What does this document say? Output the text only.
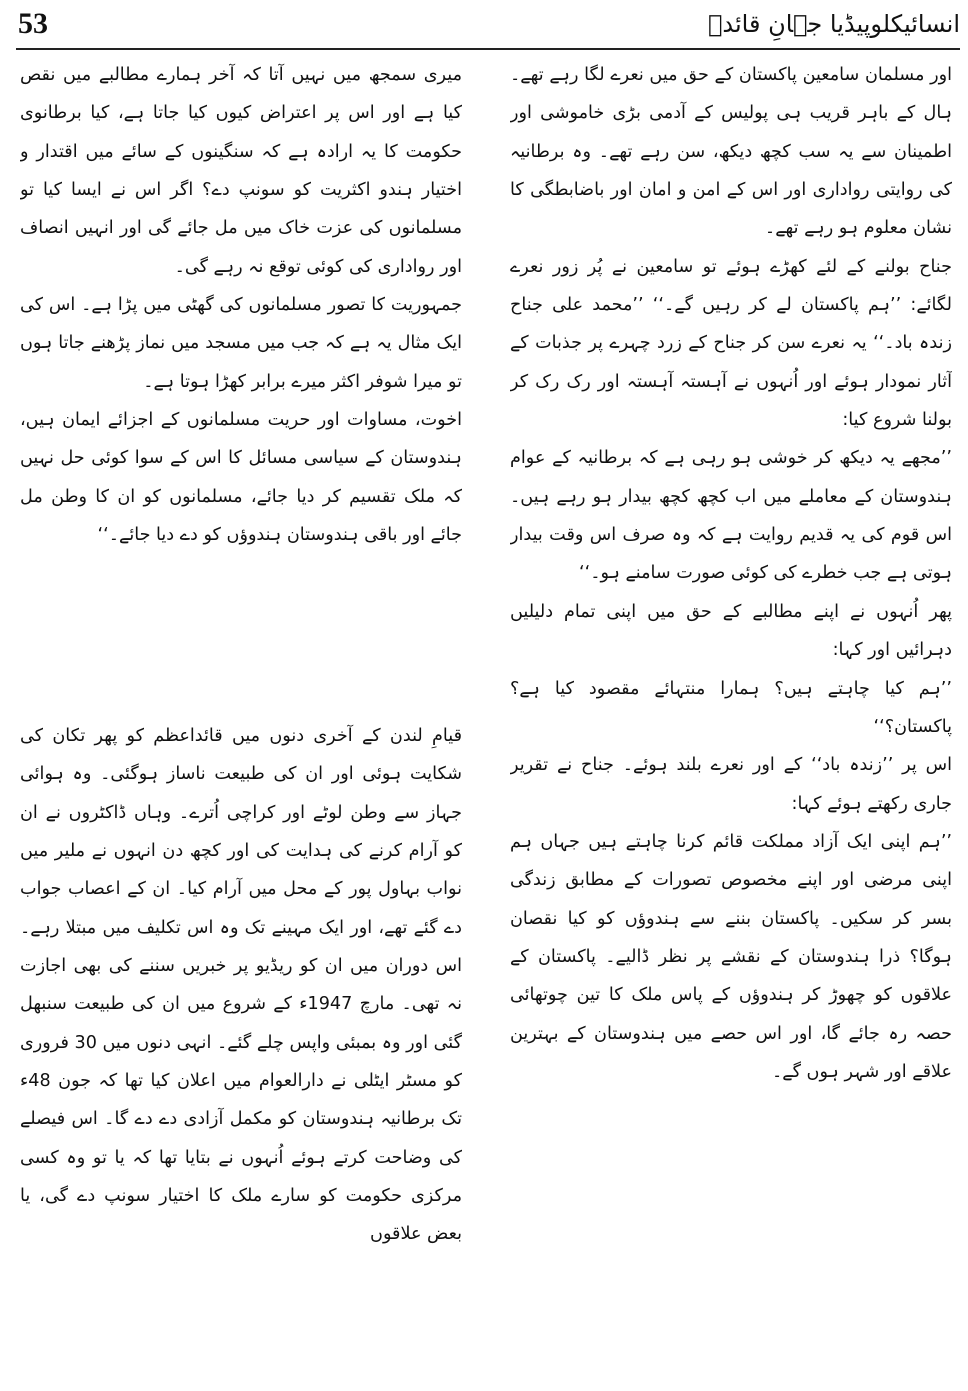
53	انسائیکلوپیڈیا جہانِ قائدؒ

اور مسلمان سامعین پاکستان کے حق میں نعرے لگا رہے تھے۔ ہال کے باہر قریب ہی پولیس کے آدمی بڑی خاموشی اور اطمینان سے یہ سب کچھ دیکھ، سن رہے تھے۔ وہ برطانیہ کی روایتی رواداری اور اس کے امن و امان اور باضابطگی کا نشان معلوم ہو رہے تھے۔

جناح بولنے کے لئے کھڑے ہوئے تو سامعین نے پُر زور نعرے لگائے: ’’ہم پاکستان لے کر رہیں گے۔‘‘ ’’محمد علی جناح زندہ باد۔‘‘ یہ نعرے سن کر جناح کے زرد چہرے پر جذبات کے آثار نمودار ہوئے اور اُنہوں نے آہستہ آہستہ اور رک رک کر بولنا شروع کیا:

’’مجھے یہ دیکھ کر خوشی ہو رہی ہے کہ برطانیہ کے عوام ہندوستان کے معاملے میں اب کچھ کچھ بیدار ہو رہے ہیں۔ اس قوم کی یہ قدیم روایت ہے کہ وہ صرف اس وقت بیدار ہوتی ہے جب خطرے کی کوئی صورت سامنے ہو۔‘‘

پھر اُنہوں نے اپنے مطالبے کے حق میں اپنی تمام دلیلیں دہرائیں اور کہا:

’’ہم کیا چاہتے ہیں؟ ہمارا منتہائے مقصود کیا ہے؟ پاکستان؟‘‘

اس پر ’’زندہ باد‘‘ کے اور نعرے بلند ہوئے۔ جناح نے تقریر جاری رکھتے ہوئے کہا:

’’ہم اپنی ایک آزاد مملکت قائم کرنا چاہتے ہیں جہاں ہم اپنی مرضی اور اپنے مخصوص تصورات کے مطابق زندگی بسر کر سکیں۔ پاکستان بننے سے ہندوؤں کو کیا نقصان ہوگا؟ ذرا ہندوستان کے نقشے پر نظر ڈالیے۔ پاکستان کے علاقوں کو چھوڑ کر ہندوؤں کے پاس ملک کا تین چوتھائی حصہ رہ جائے گا، اور اس حصے میں ہندوستان کے بہترین علاقے اور شہر ہوں گے۔

میری سمجھ میں نہیں آتا کہ آخر ہمارے مطالبے میں نقص کیا ہے اور اس پر اعتراض کیوں کیا جاتا ہے، کیا برطانوی حکومت کا یہ ارادہ ہے کہ سنگینوں کے سائے میں اقتدار و اختیار ہندو اکثریت کو سونپ دے؟ اگر اس نے ایسا کیا تو مسلمانوں کی عزت خاک میں مل جائے گی اور انہیں انصاف اور رواداری کی کوئی توقع نہ رہے گی۔

جمہوریت کا تصور مسلمانوں کی گھٹی میں پڑا ہے۔ اس کی ایک مثال یہ ہے کہ جب میں مسجد میں نماز پڑھنے جاتا ہوں تو میرا شوفر اکثر میرے برابر کھڑا ہوتا ہے۔

اخوت، مساوات اور حریت مسلمانوں کے اجزائے ایمان ہیں، ہندوستان کے سیاسی مسائل کا اس کے سوا کوئی حل نہیں کہ ملک تقسیم کر دیا جائے، مسلمانوں کو ان کا وطن مل جائے اور باقی ہندوستان ہندوؤں کو دے دیا جائے۔‘‘

قیامِ لندن کے آخری دنوں میں قائداعظم کو پھر تکان کی شکایت ہوئی اور ان کی طبیعت ناساز ہوگئی۔ وہ ہوائی جہاز سے وطن لوٹے اور کراچی اُترے۔ وہاں ڈاکٹروں نے ان کو آرام کرنے کی ہدایت کی اور کچھ دن انہوں نے ملیر میں نواب بہاول پور کے محل میں آرام کیا۔ ان کے اعصاب جواب دے گئے تھے، اور ایک مہینے تک وہ اس تکلیف میں مبتلا رہے۔ اس دوران میں ان کو ریڈیو پر خبریں سننے کی بھی اجازت نہ تھی۔ مارچ 1947ء کے شروع میں ان کی طبیعت سنبھل گئی اور وہ بمبئی واپس چلے گئے۔ انہی دنوں میں 30 فروری کو مسٹر ایٹلی نے دارالعوام میں اعلان کیا تھا کہ جون 48ء تک برطانیہ ہندوستان کو مکمل آزادی دے دے گا۔ اس فیصلے کی وضاحت کرتے ہوئے اُنہوں نے بتایا تھا کہ یا تو وہ کسی مرکزی حکومت کو سارے ملک کا اختیار سونپ دے گی، یا بعض علاقوں
